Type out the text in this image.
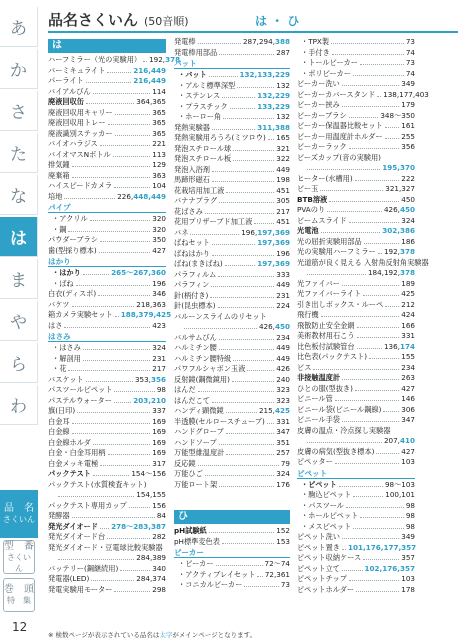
あ
か
さ
た
な
は
ま
や
ら
わ
品　名
さくいん
型　番
さくいん
巻　頭
特　集
品名さくいん (50音順)	は ・ ひ
は
ハーフミラー（光の実験用） 192,378
バーミキュライト	216,449
パーライト	216,449
バイアルびん	114
廃液回収缶	364,365
廃液回収用キャリー	365
廃液回収用トレー	365
廃液識別ステッカー	365
バイオハラジス	221
バイオマスNボトル	113
排気鐘	129
廃棄箱	363
ハイスピードカメラ	104
培地	226,448,449
パイプ
・アクリル	320
・鋼	320
パウダーブラシ	350
歯(型採り標本)	427
はかり
・はかり	265〜267,360
・ばね	196
白衣(ディスポ)	346
バケツ	218,363
箱カメラ実験セット 188,379,425
はさ	423
はさみ
・はさみ	324
・解剖用	231
・花	217
バスケット	353,356
パスツールピペット	98
パステルウォーター	203,210
旗(日印)	337
白金耳	169
白金線	169
白金線ホルダ	169
白金・白金耳用柄	169
白金メッキ電極	317
パックテスト	154〜156
パックテスト(水質検査キット)
154,155
パックテスト専用カップ	156
発酵器	84
発光ダイオード 278〜283,387
発光ダイオード台	282
発光ダイオード・豆電球比較実験器
284,389
バッテリー(鋼継続用)	340
発電器(LED)	284,374
発電実験用モーター	298
発電棒	287,294,388
発電棒用部品	287
バット
・バット	132,133,229
・アルミ標準深型	132
・ステンレス	132,229
・プラスチック	133,229
・ホーロー角	132
発熱実験器	311,388
発熱実験用ろうろ(ミツロウ) 165
発泡スチロール球	321
発泡スチロール板	322
発泡入浴剤	449
馬蹄形磁石	198
花栽培用加工液	451
バナナプラグ	305
花ばさみ	217
花用プリザーブド加工液	451
バネ	196,197,369
ばねセット	197,369
ばねはかり	196
ばね(まきばね)	197,369
パラフィルム	333
パラフィン	449
針(柄付き)	231
針(昆虫標本)	224
バルーンスライムのリセット
426,450
バルサムびん	234
ハルミチン腰	449
ハルミチン腰特級	449
パワフルシャボン玉液	426
反射鏡(鋼微鏡用)	240
はんだ	323
はんだこて	323
ハンディ顕微鏡	215,425
半透膜(セルロースチューブ) 331
ハンドグローブ	347
ハンドソープ	351
万能型維温度計	257
反応鏡	79
万能ひご	324
万能ロート架	176
ひ
pH試験紙	152
pH標準変色表	153
ビーカー
・ビーカー	72〜74
・アクティブレイセット 72,361
・コニカルビーカー	73
・TPX製	73
・手付き	74
・トールビーカー	73
・ポリビーカー	74
ビーカー洗い	349
ビーカーカバースタンド 138,177,403
ビーカー挟み	179
ビーカーブラシ	348〜350
ビーカー保温器比較セット	161
ビーカー用温度計ホルダー	255
ビーカーラック	356
ビーズカップ(音の実験用)
195,370
ヒーター(水槽用)	222
ビー玉	321,327
BTB溶液	450
PVAのり	426,450
ビームスライド	324
光電池	302,386
光の屈折実験用部品	186
光の実験用ハーフミラー 192,378
光道筋が良く見える 入射角反射角実験器
184,192,378
光ファイバー	189
光ファイバーライト	425
引き出しボックス・ルーペ	212
飛行機	424
飛散防止安全金網	166
美術教材用石こう	331
比色板付試験管台	136,174
比色表(パックテスト)	155
ビス	234
非接触温度計	263
ひとの服(型抜き)	427
ビニール管	146
ビニール袋(ビニール鋼線)	306
ビニール手袋	347
皮膚の温点・冷点探し実験器
207,410
皮膚の病気(型抜き標本)	427
ピペッター	103
ピペット
・ピペット	98〜103
・駒込ピペット	100,101
・パスツール	98
・ホールピペット	98
・メスピペット	98
ピペット洗い	349
ピペット置き 101,176,177,357
ピペット収納ケース	357
ピペット立て	102,176,357
ピペットチップ	103
ピペットホルダー	178
12
※ 検数ページが表示されている品名は太字がメインページとなります。
